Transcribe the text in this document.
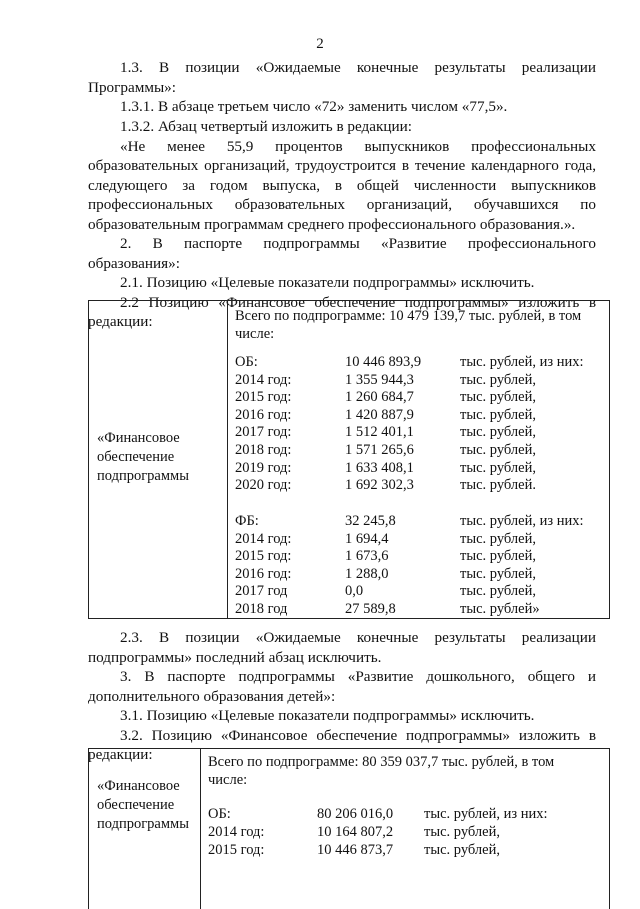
2
1.3. В позиции «Ожидаемые конечные результаты реализации
Программы»:
1.3.1. В абзаце третьем число «72» заменить числом «77,5».
1.3.2. Абзац четвертый изложить в редакции:
«Не менее 55,9 процентов выпускников профессиональных
образовательных организаций, трудоустроится в течение календарного года,
следующего за годом выпуска, в общей численности выпускников
профессиональных образовательных организаций, обучавшихся по
образовательным программам среднего профессионального образования.».
2. В паспорте подпрограммы «Развитие профессионального
образования»:
2.1. Позицию «Целевые показатели подпрограммы» исключить.
2.2 Позицию «Финансовое обеспечение подпрограммы» изложить в
редакции:
«Финансовое
обеспечение
подпрограммы
Всего по подпрограмме: 10 479 139,7 тыс. рублей, в том
числе:
ОБ:	10 446 893,9	тыс. рублей, из них:
2014 год:	1 355 944,3	тыс. рублей,
2015 год:	1 260 684,7	тыс. рублей,
2016 год:	1 420 887,9	тыс. рублей,
2017 год:	1 512 401,1	тыс. рублей,
2018 год:	1 571 265,6	тыс. рублей,
2019 год:	1 633 408,1	тыс. рублей,
2020 год:	1 692 302,3	тыс. рублей.
ФБ:	32 245,8	тыс. рублей, из них:
2014 год:	1 694,4	тыс. рублей,
2015 год:	1 673,6	тыс. рублей,
2016 год:	1 288,0	тыс. рублей,
2017 год	0,0	тыс. рублей,
2018 год	27 589,8	тыс. рублей»
2.3. В позиции «Ожидаемые конечные результаты реализации
подпрограммы» последний абзац исключить.
3. В паспорте подпрограммы «Развитие дошкольного, общего и
дополнительного образования детей»:
3.1. Позицию «Целевые показатели подпрограммы» исключить.
3.2. Позицию «Финансовое обеспечение подпрограммы» изложить в
редакции:
«Финансовое
обеспечение
подпрограммы
Всего по подпрограмме: 80 359 037,7 тыс. рублей, в том
числе:
ОБ:	80 206 016,0 тыс. рублей, из них:
2014 год:	10 164 807,2 тыс. рублей,
2015 год:	10 446 873,7 тыс. рублей,
